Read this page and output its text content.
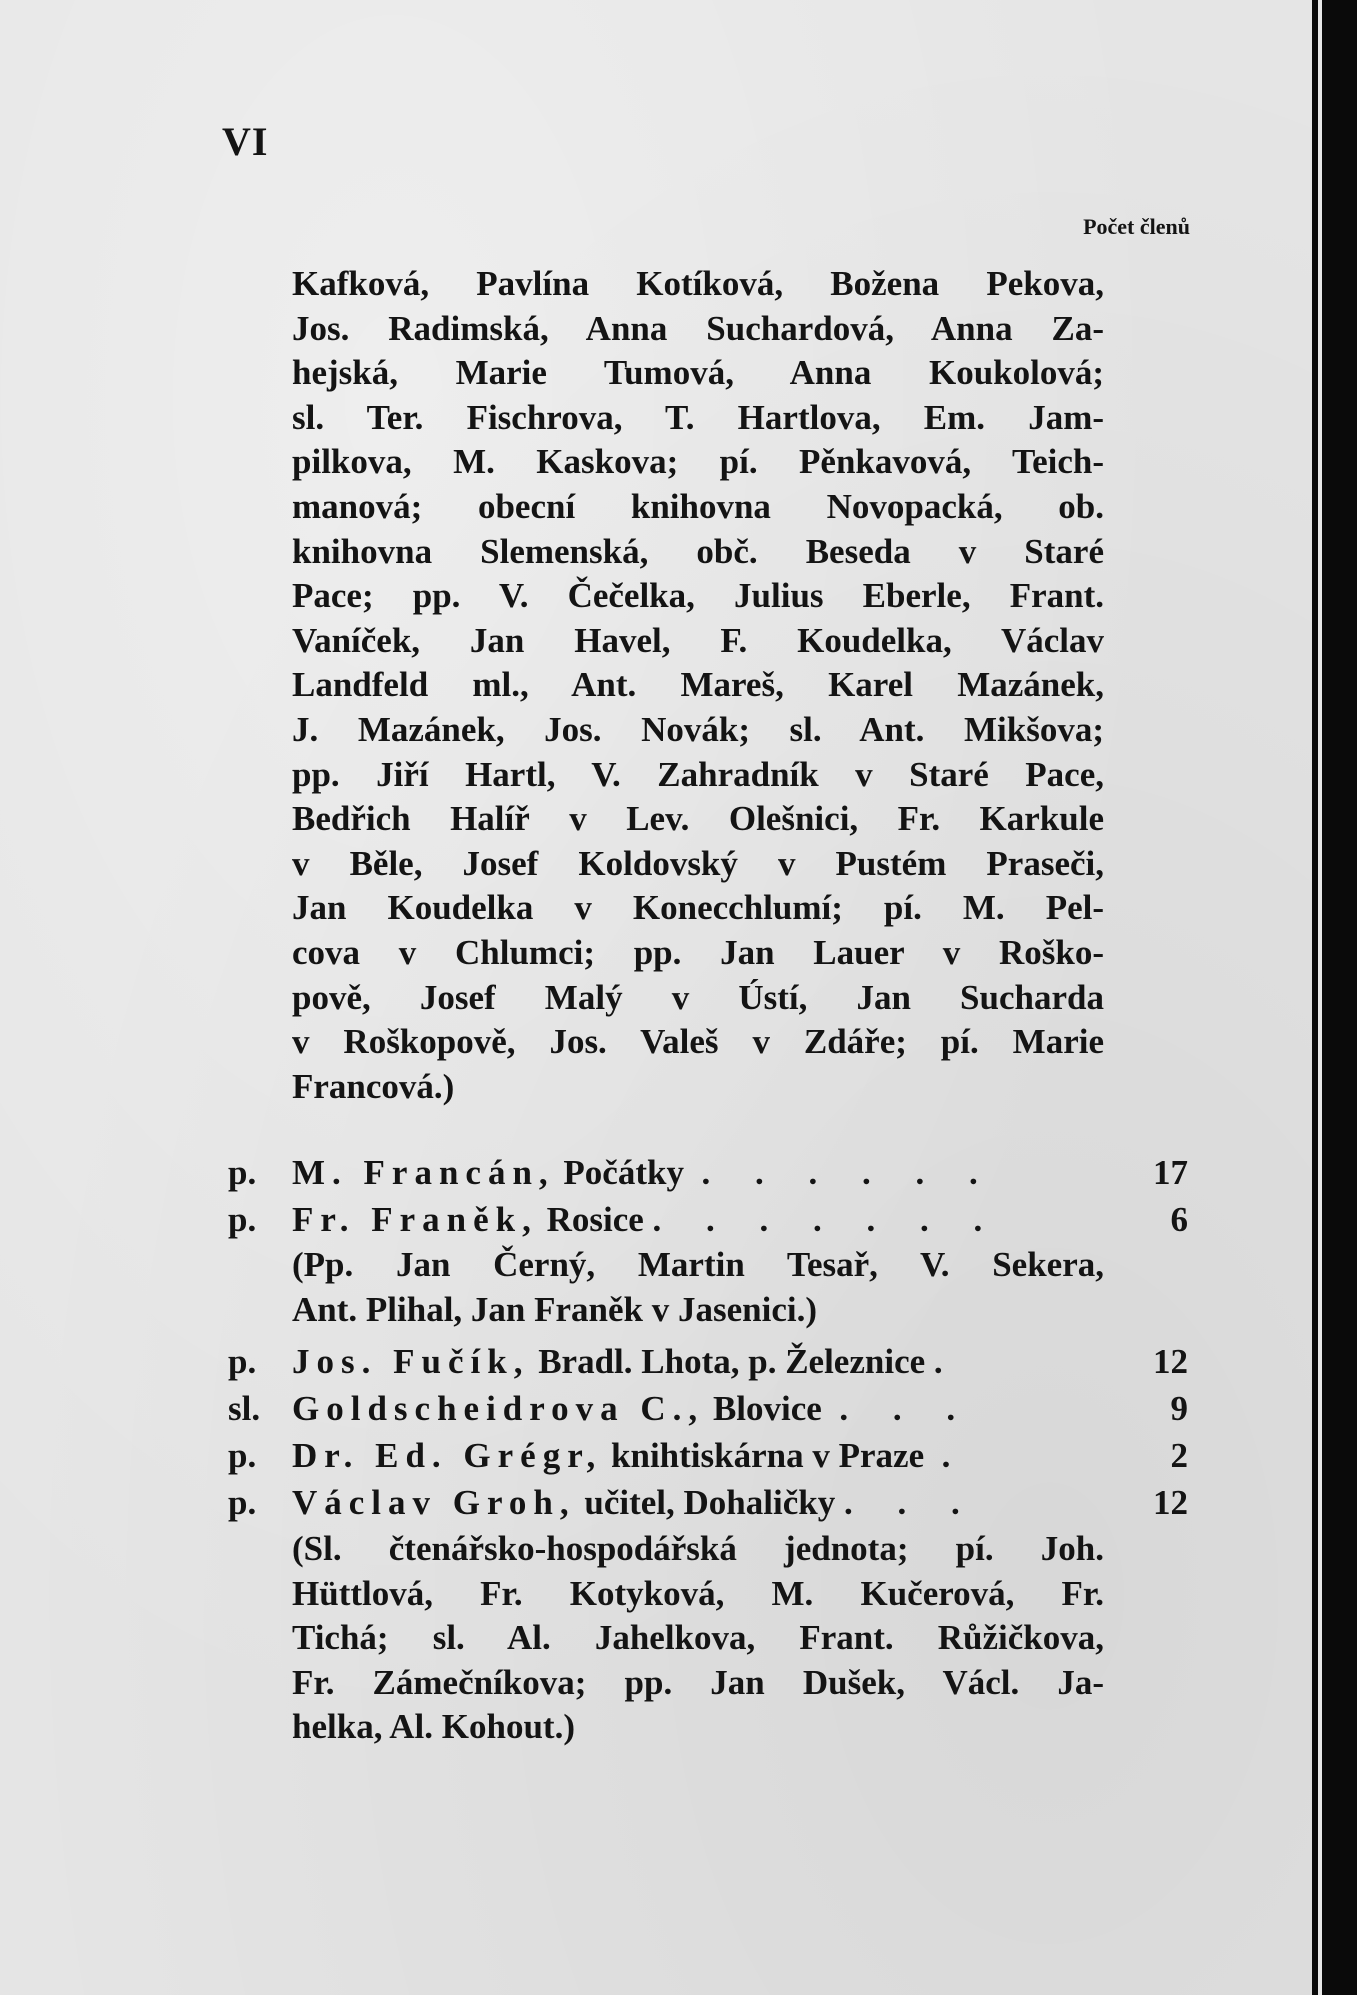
VI
Počet členů
Kafková, Pavlína Kotíková, Božena Pekova,
Jos. Radimská, Anna Suchardová, Anna Za-
hejská, Marie Tumová, Anna Koukolová;
sl. Ter. Fischrova, T. Hartlova, Em. Jam-
pilkova, M. Kaskova; pí. Pěnkavová, Teich-
manová; obecní knihovna Novopacká, ob.
knihovna Slemenská, obč. Beseda v Staré
Pace; pp. V. Čečelka, Julius Eberle, Frant.
Vaníček, Jan Havel, F. Koudelka, Václav
Landfeld ml., Ant. Mareš, Karel Mazánek,
J. Mazánek, Jos. Novák; sl. Ant. Mikšova;
pp. Jiří Hartl, V. Zahradník v Staré Pace,
Bedřich Halíř v Lev. Olešnici, Fr. Karkule
v Běle, Josef Koldovský v Pustém Praseči,
Jan Koudelka v Konecchlumí; pí. M. Pel-
cova v Chlumci; pp. Jan Lauer v Roško-
pově, Josef Malý v Ústí, Jan Sucharda
v Roškopově, Jos. Valeš v Zdáře; pí. Marie
Francová.)
p. M. Francán, Počátky . . . . . .	17
p. Fr. Franěk, Rosice . . . . . . .	6
(Pp. Jan Černý, Martin Tesař, V. Sekera,
Ant. Plihal, Jan Franěk v Jasenici.)
p. Jos. Fučík, Bradl. Lhota, p. Železnice .	12
sl. Goldscheidrova C., Blovice . . .	9
p. Dr. Ed. Grégr, knihtiskárna v Praze .	2
p. Václav Groh, učitel, Dohaličky . . .	12
(Sl. čtenářsko-hospodářská jednota; pí. Joh.
Hüttlová, Fr. Kotyková, M. Kučerová, Fr.
Tichá; sl. Al. Jahelkova, Frant. Růžičkova,
Fr. Zámečníkova; pp. Jan Dušek, Václ. Ja-
helka, Al. Kohout.)
